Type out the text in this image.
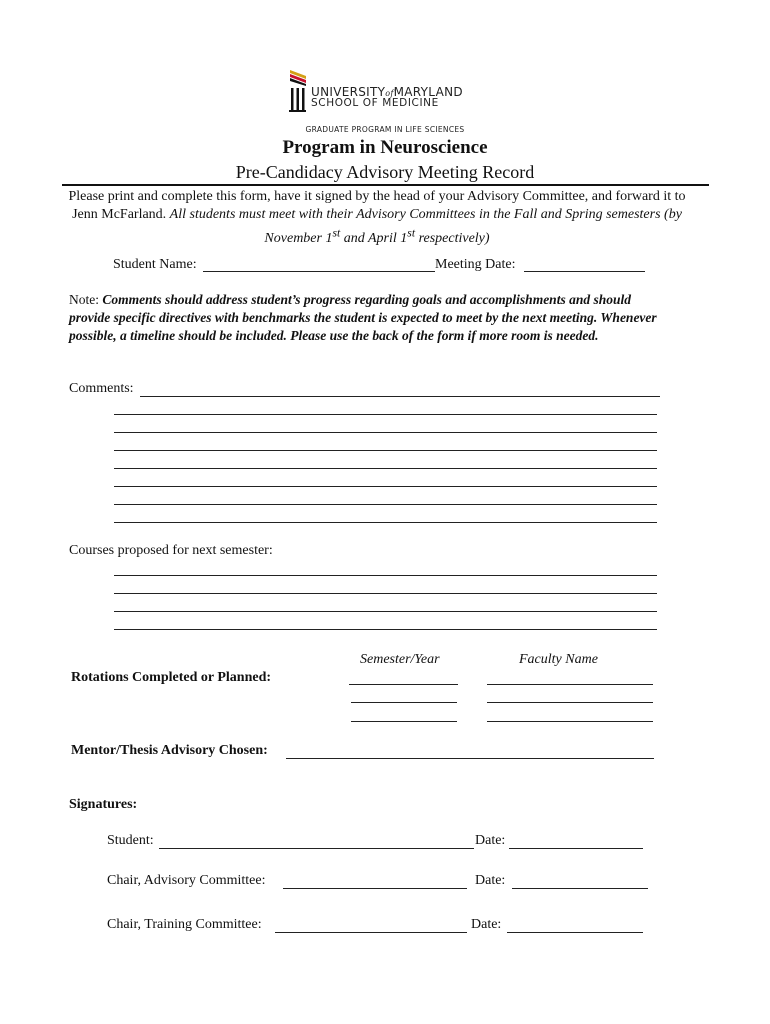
UNIVERSITYofMARYLAND
SCHOOL OF MEDICINE
GRADUATE PROGRAM IN LIFE SCIENCES
Program in Neuroscience
Pre-Candidacy Advisory Meeting Record
Please print and complete this form, have it signed by the head of your Advisory Committee, and forward it to Jenn McFarland. All students must meet with their Advisory Committees in the Fall and Spring semesters (by November 1st and April 1st respectively)
Student Name:	Meeting Date:
Note: Comments should address student’s progress regarding goals and accomplishments and should provide specific directives with benchmarks the student is expected to meet by the next meeting. Whenever possible, a timeline should be included. Please use the back of the form if more room is needed.
Comments:
Courses proposed for next semester:
Semester/Year	Faculty Name
Rotations Completed or Planned:
Mentor/Thesis Advisory Chosen:
Signatures:
Student:	Date:
Chair, Advisory Committee:	Date:
Chair, Training Committee:	Date:
